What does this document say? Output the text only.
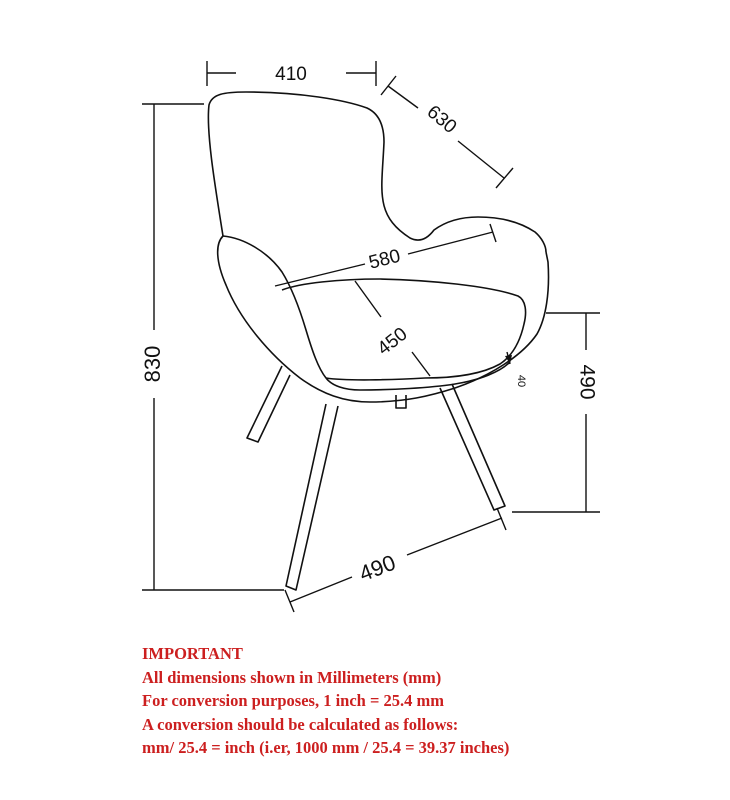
410
630
830
580
450
40 490
490
IMPORTANT
All dimensions shown in Millimeters (mm)
For conversion purposes, 1 inch = 25.4 mm
A conversion should be calculated as follows:
mm/ 25.4 = inch (i.er, 1000 mm / 25.4 = 39.37 inches)
